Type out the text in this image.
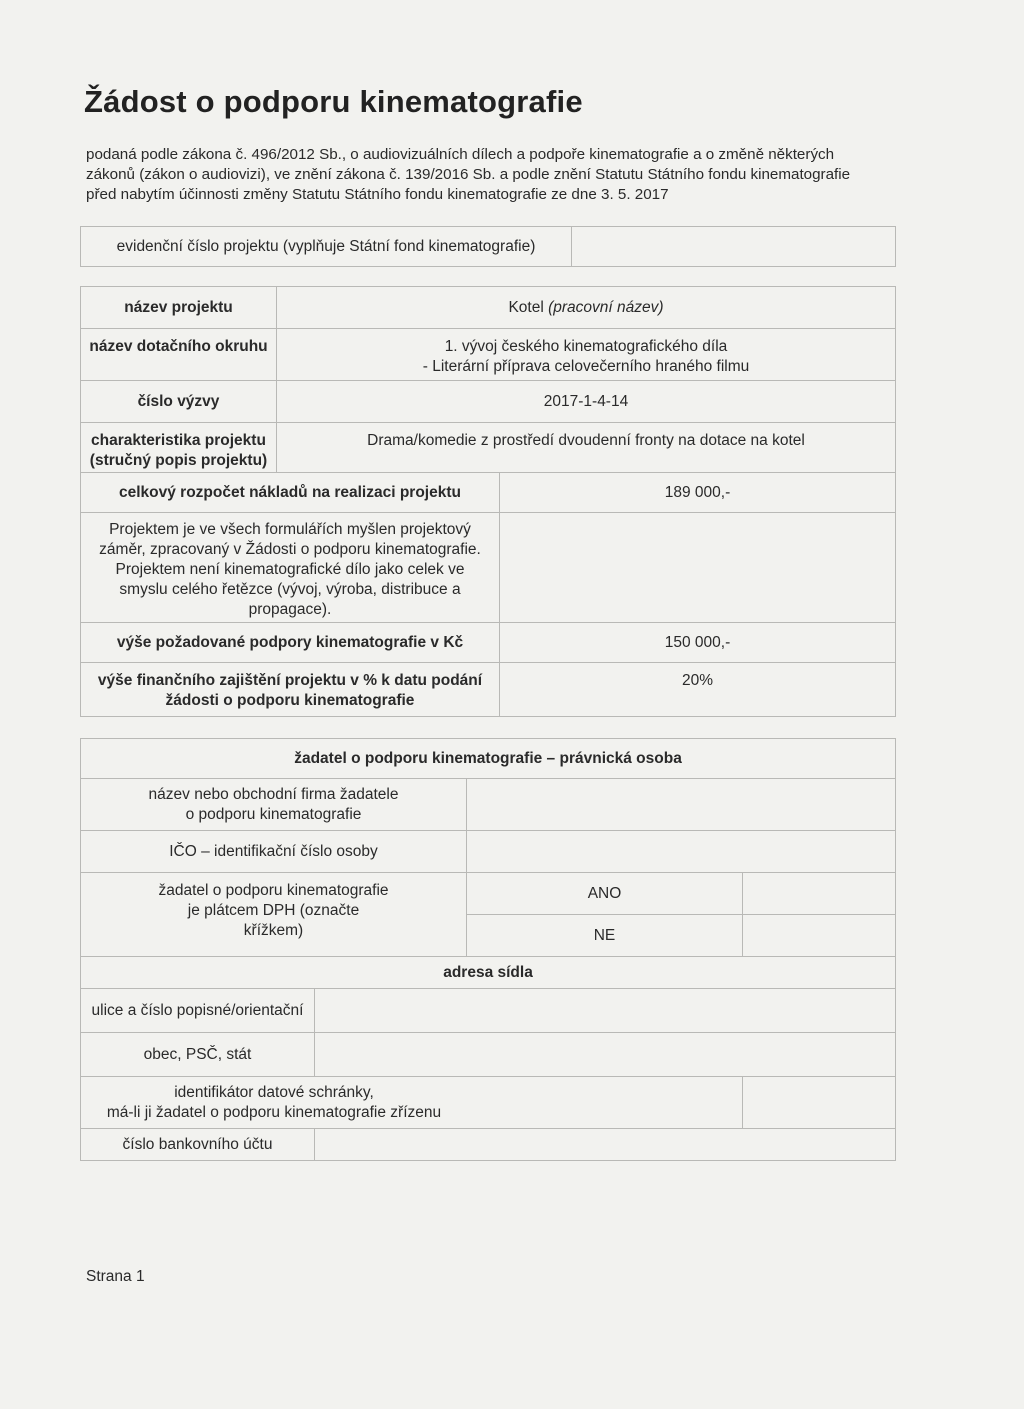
Žádost o podporu kinematografie

podaná podle zákona č. 496/2012 Sb., o audiovizuálních dílech a podpoře kinematografie a o změně některých
zákonů (zákon o audiovizi), ve znění zákona č. 139/2016 Sb. a podle znění Statutu Státního fondu kinematografie
před nabytím účinnosti změny Statutu Státního fondu kinematografie ze dne 3. 5. 2017

evidenční číslo projektu (vyplňuje Státní fond kinematografie)	
název projektu	Kotel (pracovní název)
název dotačního okruhu	1. vývoj českého kinematografického díla
- Literární příprava celovečerního hraného filmu
číslo výzvy	2017-1-4-14
charakteristika projektu
(stručný popis projektu)	Drama/komedie z prostředí dvoudenní fronty na dotace na kotel
celkový rozpočet nákladů na realizaci projektu	189 000,-
Projektem je ve všech formulářích myšlen projektový
záměr, zpracovaný v Žádosti o podporu kinematografie.
Projektem není kinematografické dílo jako celek ve
smyslu celého řetězce (vývoj, výroba, distribuce a
propagace).	
výše požadované podpory kinematografie v Kč	150 000,-
výše finančního zajištění projektu v % k datu podání
žádosti o podporu kinematografie	20%
žadatel o podporu kinematografie – právnická osoba			
název nebo obchodní firma žadatele
o podporu kinematografie			
IČO – identifikační číslo osoby			
žadatel o podporu kinematografie
je plátcem DPH (označte
křížkem)		ANO	
		NE	
adresa sídla			
ulice a číslo popisné/orientační			
obec, PSČ, stát			

identifikátor datové schránky,
má-li ji žadatel o podporu kinematografie zřízenu			

číslo bankovního účtu			
Strana 1
